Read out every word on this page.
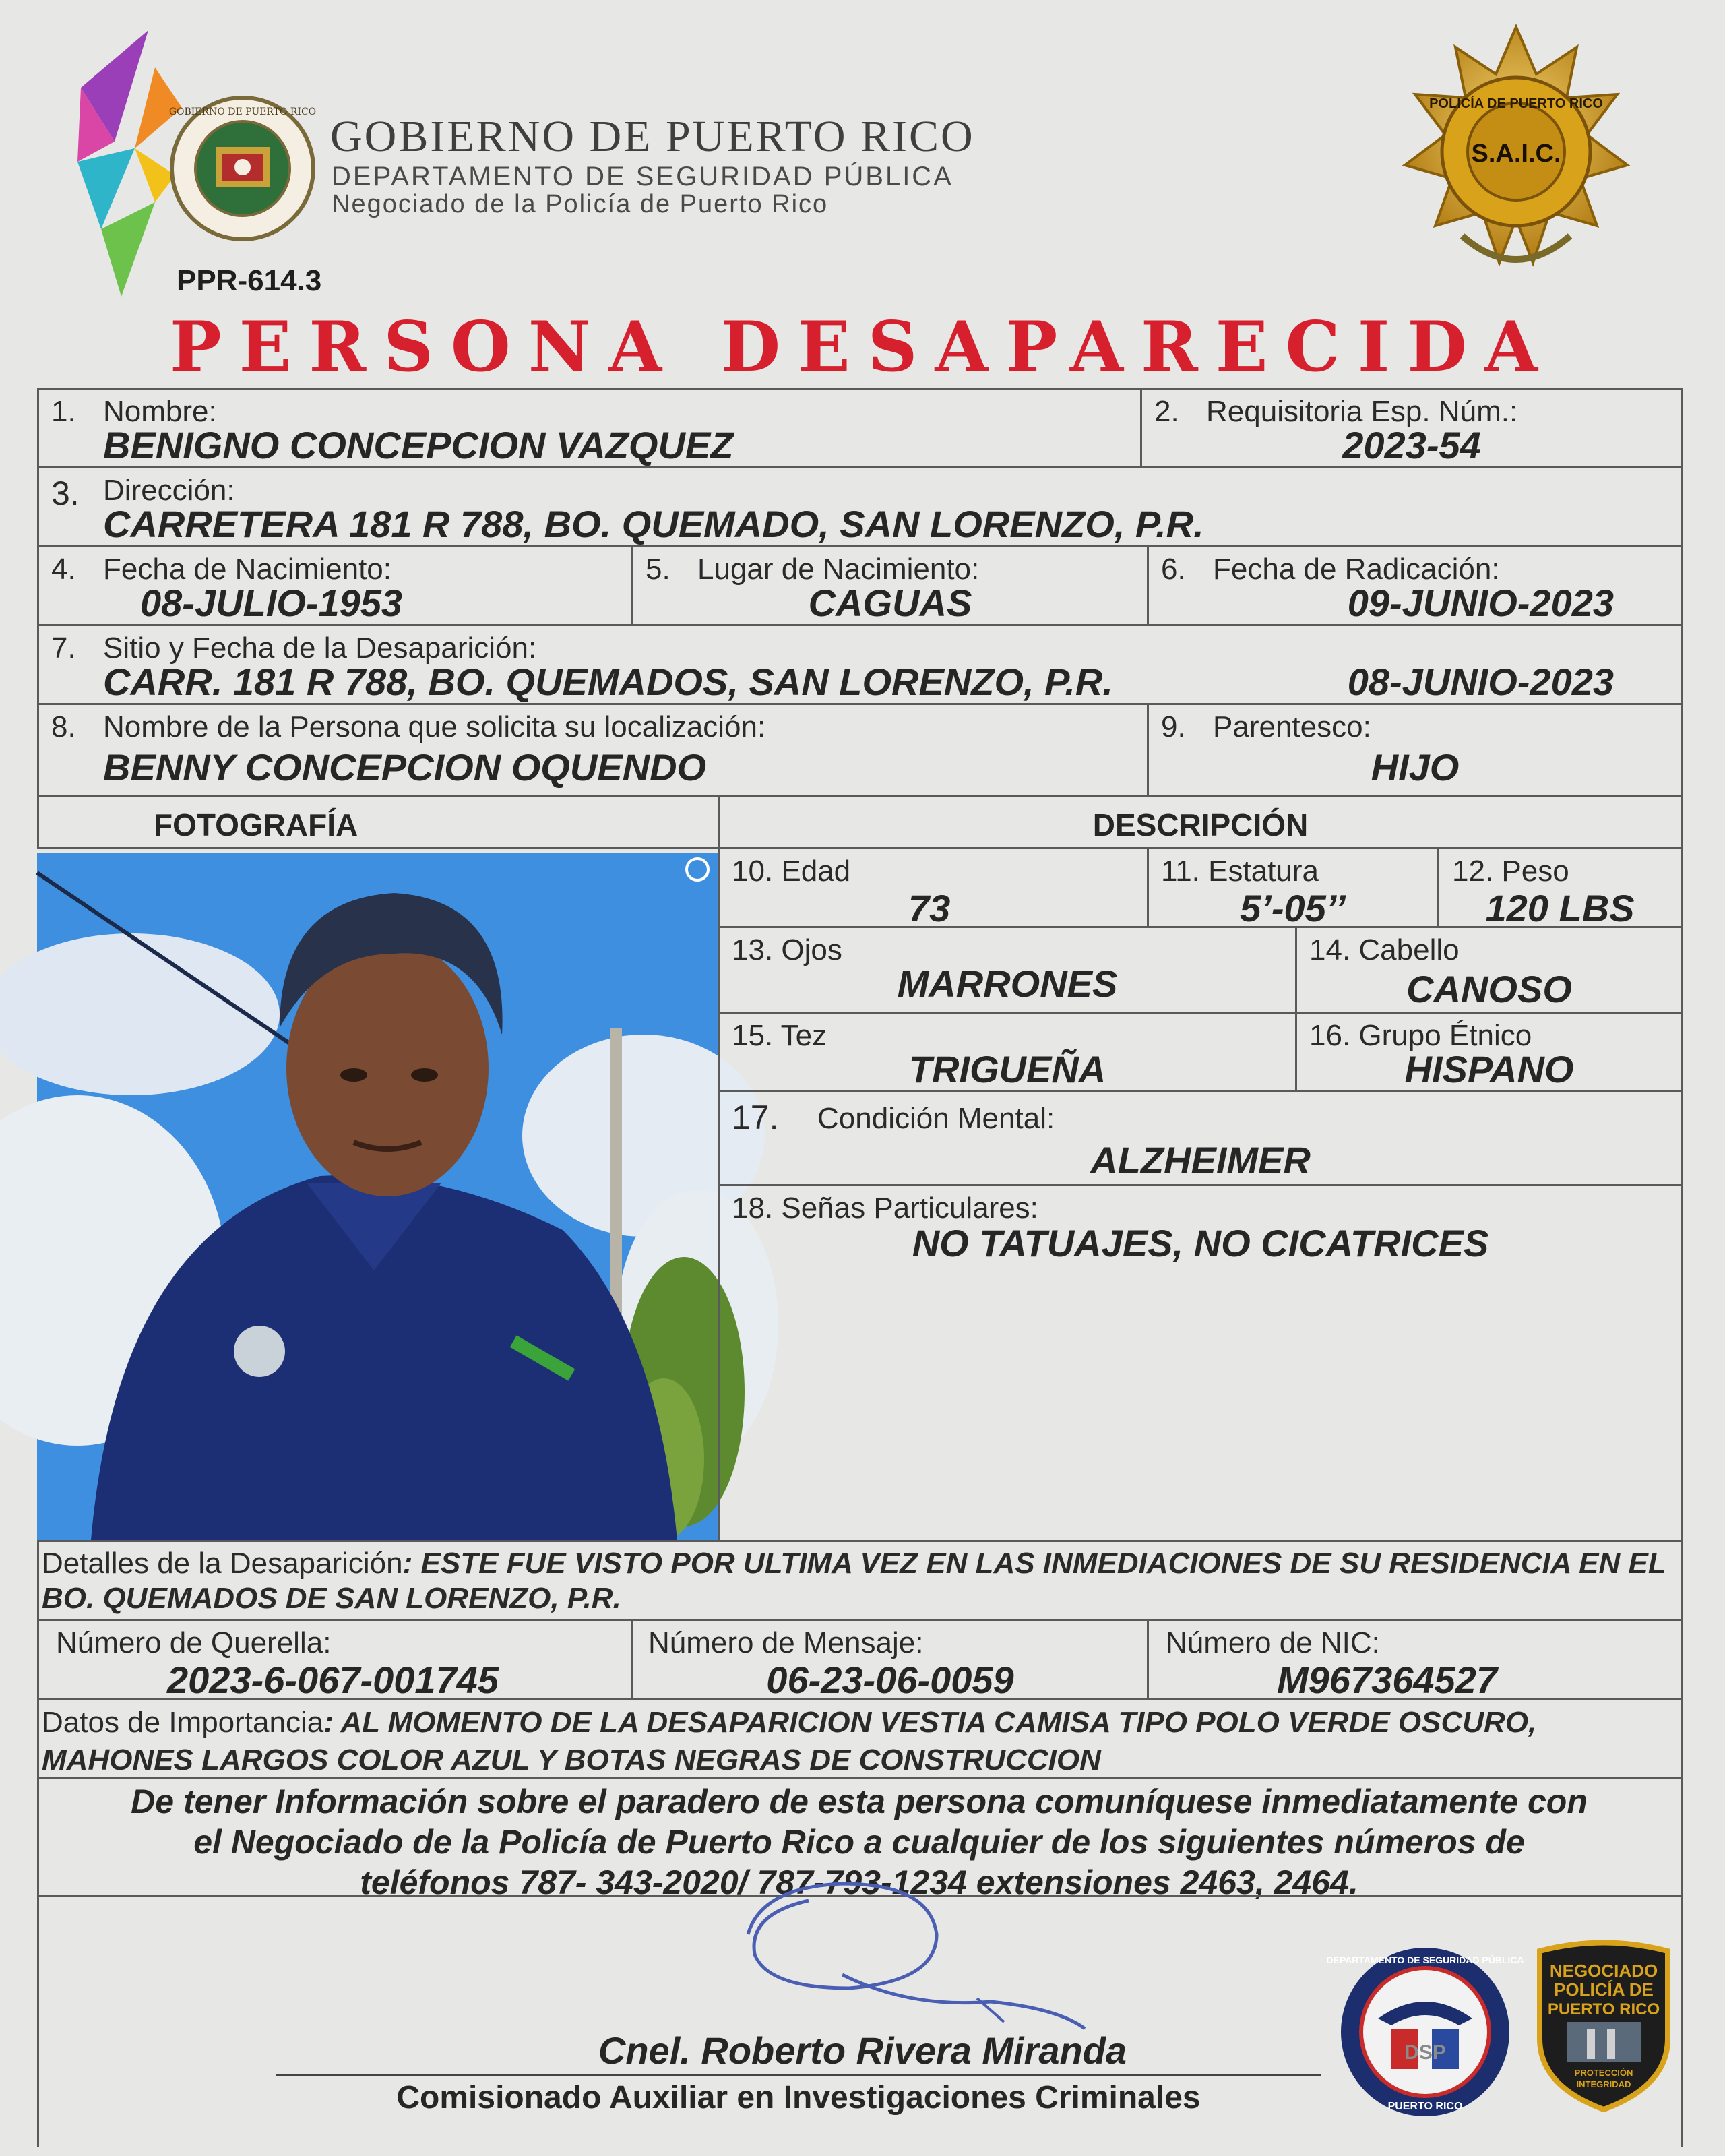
GOBIERNO DE PUERTO RICO GOBIERNO DE PUERTO RICO
DEPARTAMENTO DE SEGURIDAD PÚBLICA
Negociado de la Policía de Puerto Rico
PPR-614.3
POLICÍA DE PUERTO RICO
S.A.I.C.
PERSONA DESAPARECIDA
1. Nombre:
BENIGNO CONCEPCION VAZQUEZ
2. Requisitoria Esp. Núm.:
2023-54
3. Dirección:
CARRETERA 181 R 788, BO. QUEMADO, SAN LORENZO, P.R.
4. Fecha de Nacimiento:
08-JULIO-1953
5. Lugar de Nacimiento:
CAGUAS
6. Fecha de Radicación:
09-JUNIO-2023
7. Sitio y Fecha de la Desaparición:
CARR. 181 R 788, BO. QUEMADOS, SAN LORENZO, P.R.	08-JUNIO-2023
8. Nombre de la Persona que solicita su localización:
BENNY CONCEPCION OQUENDO
9. Parentesco:
HIJO
FOTOGRAFÍA	DESCRIPCIÓN
10. Edad
73
11. Estatura
5’-05’’
12. Peso
120 LBS
13. Ojos
MARRONES
14. Cabello
CANOSO
15. Tez
TRIGUEÑA
16. Grupo Étnico
HISPANO
17. Condición Mental:
ALZHEIMER
18. Señas Particulares:
NO TATUAJES, NO CICATRICES
Detalles de la Desaparición: ESTE FUE VISTO POR ULTIMA VEZ EN LAS INMEDIACIONES DE SU RESIDENCIA EN EL BO. QUEMADOS DE SAN LORENZO, P.R.
Número de Querella:
2023-6-067-001745
Número de Mensaje:
06-23-06-0059
Número de NIC:
M967364527
Datos de Importancia: AL MOMENTO DE LA DESAPARICION VESTIA CAMISA TIPO POLO VERDE OSCURO, MAHONES LARGOS COLOR AZUL Y BOTAS NEGRAS DE CONSTRUCCION
De tener Información sobre el paradero de esta persona comuníquese inmediatamente con
el Negociado de la Policía de Puerto Rico a cualquier de los siguientes números de
teléfonos 787- 343-2020/ 787-793-1234 extensiones 2463, 2464.
Cnel. Roberto Rivera Miranda
Comisionado Auxiliar en Investigaciones Criminales
DSP
DEPARTAMENTO DE SEGURIDAD PÚBLICA
PUERTO RICO
NEGOCIADO
POLICÍA DE
PUERTO RICO
PROTECCIÓN
INTEGRIDAD
